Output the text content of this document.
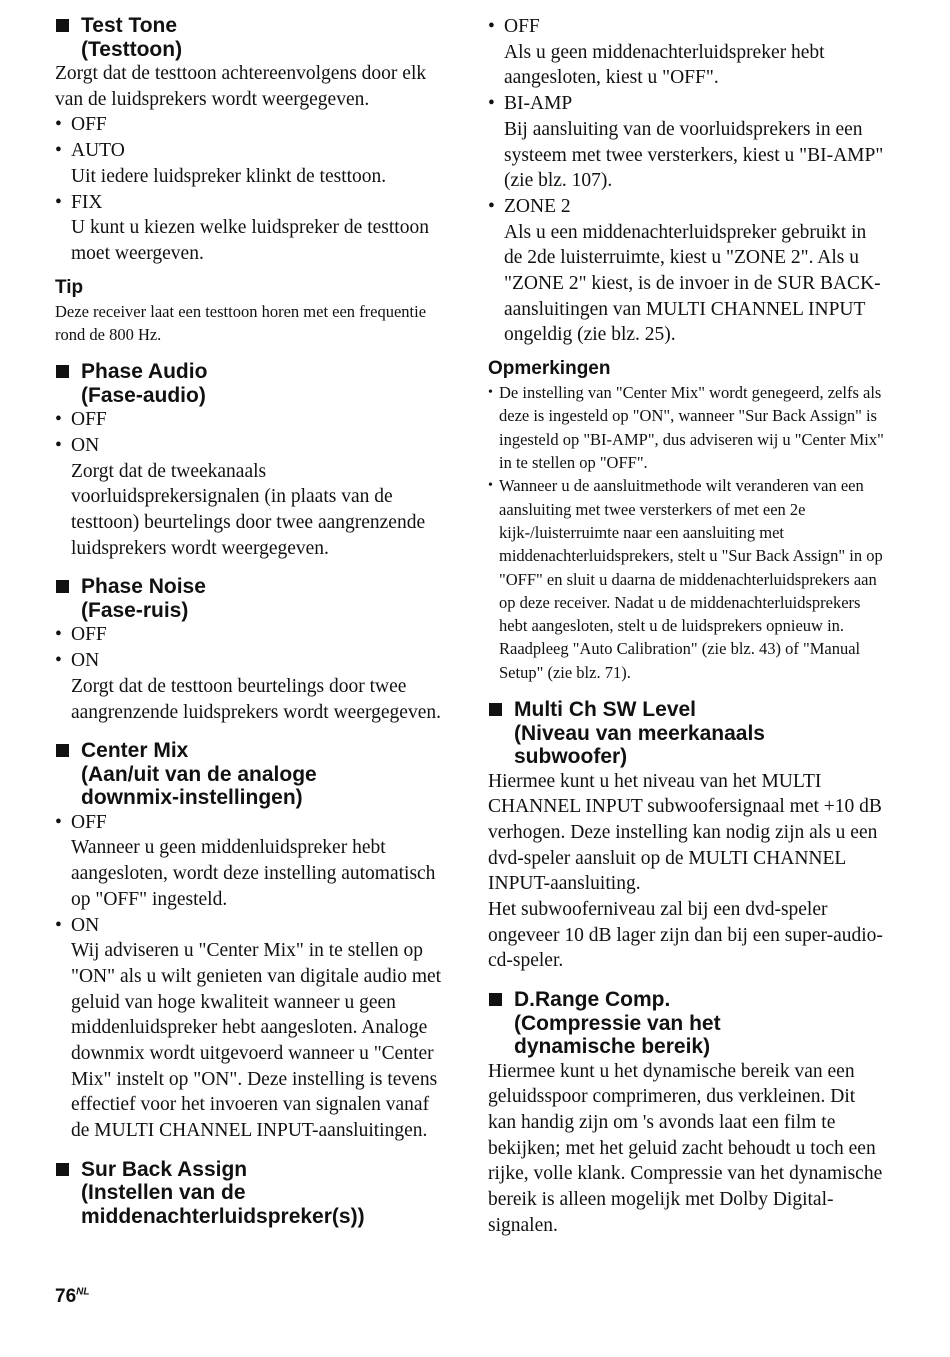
Test Tone
(Testtoon)

Zorgt dat de testtoon achtereenvolgens door elk van de luidsprekers wordt weergegeven.

• OFF
• AUTO
Uit iedere luidspreker klinkt de testtoon.
• FIX
U kunt u kiezen welke luidspreker de testtoon moet weergeven.

Tip

Deze receiver laat een testtoon horen met een frequentie rond de 800 Hz.

Phase Audio
(Fase-audio)
• OFF
• ON
Zorgt dat de tweekanaals voorluidsprekersignalen (in plaats van de testtoon) beurtelings door twee aangrenzende luidsprekers wordt weergegeven.
Phase Noise
(Fase-ruis)
• OFF
• ON
Zorgt dat de testtoon beurtelings door twee aangrenzende luidsprekers wordt weergegeven.
Center Mix
(Aan/uit van de analoge
downmix-instellingen)
• OFF
Wanneer u geen middenluidspreker hebt aangesloten, wordt deze instelling automatisch op "OFF" ingesteld.
• ON
Wij adviseren u "Center Mix" in te stellen op "ON" als u wilt genieten van digitale audio met geluid van hoge kwaliteit wanneer u geen middenluidspreker hebt aangesloten. Analoge downmix wordt uitgevoerd wanneer u "Center Mix" instelt op "ON". Deze instelling is tevens effectief voor het invoeren van signalen vanaf de MULTI CHANNEL INPUT-aansluitingen.
Sur Back Assign
(Instellen van de
middenachterluidspreker(s))
• OFF
Als u geen middenachterluidspreker hebt aangesloten, kiest u "OFF".
• BI-AMP
Bij aansluiting van de voorluidsprekers in een systeem met twee versterkers, kiest u "BI-AMP" (zie blz. 107).
• ZONE 2
Als u een middenachterluidspreker gebruikt in de 2de luisterruimte, kiest u "ZONE 2". Als u "ZONE 2" kiest, is de invoer in de SUR BACK-aansluitingen van MULTI CHANNEL INPUT ongeldig (zie blz. 25).

Opmerkingen

• De instelling van "Center Mix" wordt genegeerd, zelfs als deze is ingesteld op "ON", wanneer "Sur Back Assign" is ingesteld op "BI-AMP", dus adviseren wij u "Center Mix" in te stellen op "OFF".
• Wanneer u de aansluitmethode wilt veranderen van een aansluiting met twee versterkers of met een 2e kijk-/luisterruimte naar een aansluiting met middenachterluidsprekers, stelt u "Sur Back Assign" in op "OFF" en sluit u daarna de middenachterluidsprekers aan op deze receiver. Nadat u de middenachterluidsprekers hebt aangesloten, stelt u de luidsprekers opnieuw in. Raadpleeg "Auto Calibration" (zie blz. 43) of "Manual Setup" (zie blz. 71).
Multi Ch SW Level
(Niveau van meerkanaals
subwoofer)

Hiermee kunt u het niveau van het MULTI CHANNEL INPUT subwoofersignaal met +10 dB verhogen. Deze instelling kan nodig zijn als u een dvd-speler aansluit op de MULTI CHANNEL INPUT-aansluiting.

Het subwooferniveau zal bij een dvd-speler ongeveer 10 dB lager zijn dan bij een super-audio-cd-speler.

D.Range Comp.
(Compressie van het
dynamische bereik)

Hiermee kunt u het dynamische bereik van een geluidsspoor comprimeren, dus verkleinen. Dit kan handig zijn om 's avonds laat een film te bekijken; met het geluid zacht behoudt u toch een rijke, volle klank. Compressie van het dynamische bereik is alleen mogelijk met Dolby Digital-signalen.

$76^{NL}$
